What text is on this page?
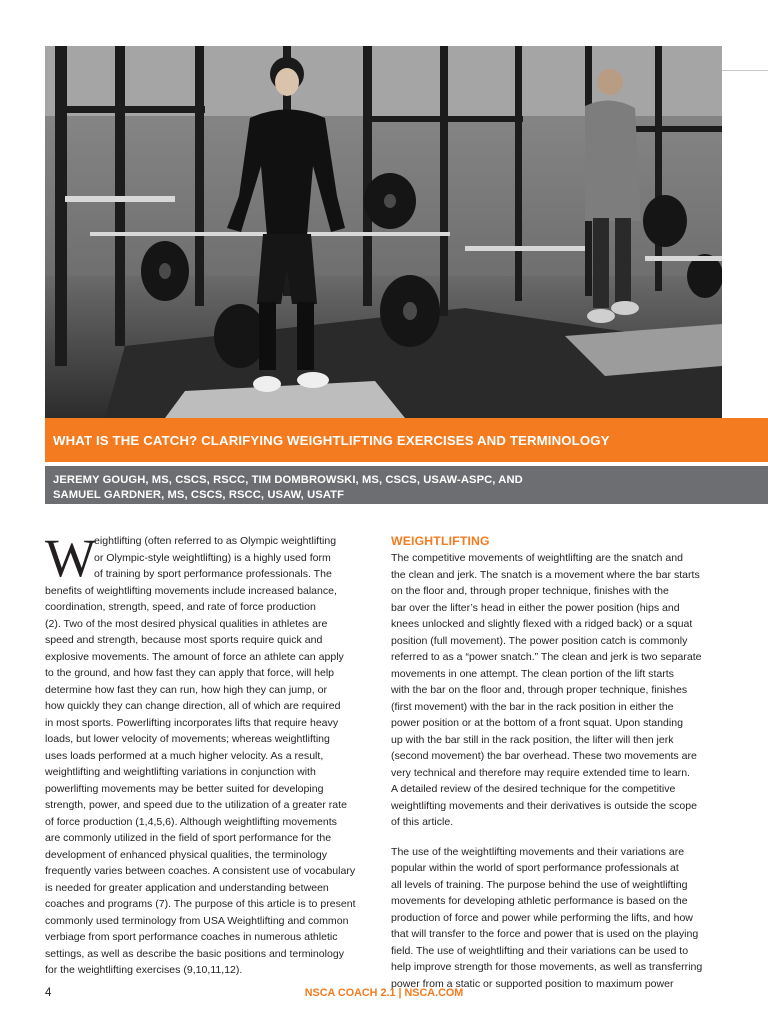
WHAT IS THE CATCH? CLARIFYING WEIGHTLIFTING EXERCISES AND TERMINOLOGY

JEREMY GOUGH, MS, CSCS, RSCC, TIM DOMBROWSKI, MS, CSCS, USAW-ASPC, AND

SAMUEL GARDNER, MS, CSCS, RSCC, USAW, USATF

W
eightlifting (often referred to as Olympic weightlifting
or Olympic-style weightlifting) is a highly used form
of training by sport performance professionals. The
benefits of weightlifting movements include increased balance,
coordination, strength, speed, and rate of force production
(2). Two of the most desired physical qualities in athletes are
speed and strength, because most sports require quick and
explosive movements. The amount of force an athlete can apply
to the ground, and how fast they can apply that force, will help
determine how fast they can run, how high they can jump, or
how quickly they can change direction, all of which are required
in most sports. Powerlifting incorporates lifts that require heavy
loads, but lower velocity of movements; whereas weightlifting
uses loads performed at a much higher velocity. As a result,
weightlifting and weightlifting variations in conjunction with
powerlifting movements may be better suited for developing
strength, power, and speed due to the utilization of a greater rate
of force production (1,4,5,6). Although weightlifting movements
are commonly utilized in the field of sport performance for the
development of enhanced physical qualities, the terminology
frequently varies between coaches. A consistent use of vocabulary
is needed for greater application and understanding between
coaches and programs (7). The purpose of this article is to present
commonly used terminology from USA Weightlifting and common
verbiage from sport performance coaches in numerous athletic
settings, as well as describe the basic positions and terminology
for the weightlifting exercises (9,10,11,12).
WEIGHTLIFTING
The competitive movements of weightlifting are the snatch and
the clean and jerk. The snatch is a movement where the bar starts
on the floor and, through proper technique, finishes with the
bar over the lifter’s head in either the power position (hips and
knees unlocked and slightly flexed with a ridged back) or a squat
position (full movement). The power position catch is commonly
referred to as a “power snatch.” The clean and jerk is two separate
movements in one attempt. The clean portion of the lift starts
with the bar on the floor and, through proper technique, finishes
(first movement) with the bar in the rack position in either the
power position or at the bottom of a front squat. Upon standing
up with the bar still in the rack position, the lifter will then jerk
(second movement) the bar overhead. These two movements are
very technical and therefore may require extended time to learn.
A detailed review of the desired technique for the competitive
weightlifting movements and their derivatives is outside the scope
of this article.
The use of the weightlifting movements and their variations are
popular within the world of sport performance professionals at
all levels of training. The purpose behind the use of weightlifting
movements for developing athletic performance is based on the
production of force and power while performing the lifts, and how
that will transfer to the force and power that is used on the playing
field. The use of weightlifting and their variations can be used to
help improve strength for those movements, as well as transferring
power from a static or supported position to maximum power
4	NSCA COACH 2.1 | NSCA.COM
